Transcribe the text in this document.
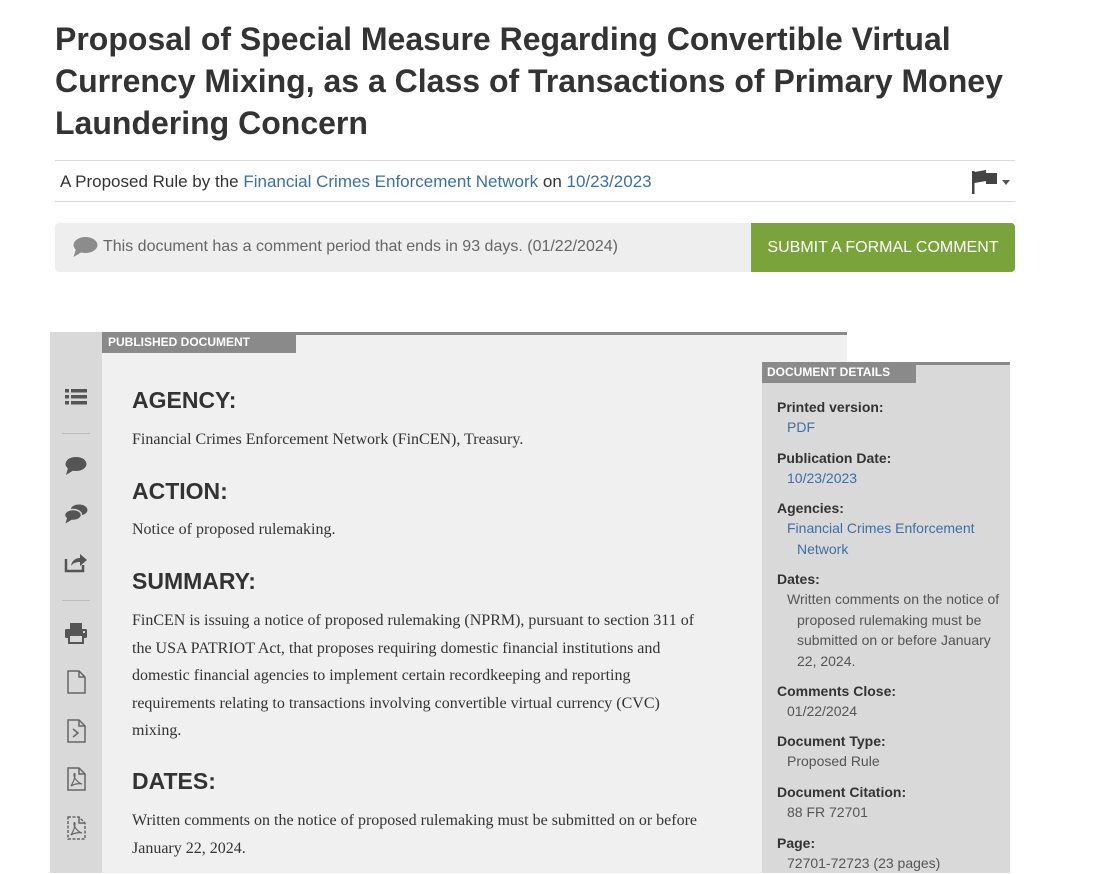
Proposal of Special Measure Regarding Convertible Virtual Currency Mixing, as a Class of Transactions of Primary Money Laundering Concern
A Proposed Rule by the Financial Crimes Enforcement Network on 10/23/2023
This document has a comment period that ends in 93 days. (01/22/2024)	SUBMIT A FORMAL COMMENT
PUBLISHED DOCUMENT
AGENCY:

Financial Crimes Enforcement Network (FinCEN), Treasury.

ACTION:

Notice of proposed rulemaking.

SUMMARY:

FinCEN is issuing a notice of proposed rulemaking (NPRM), pursuant to section 311 of the USA PATRIOT Act, that proposes requiring domestic financial institutions and domestic financial agencies to implement certain recordkeeping and reporting requirements relating to transactions involving convertible virtual currency (CVC) mixing.

DATES:

Written comments on the notice of proposed rulemaking must be submitted on or before January 22, 2024.

DOCUMENT DETAILS
Printed version:
PDF
Publication Date:
10/23/2023
Agencies:
Financial Crimes Enforcement Network
Dates:
Written comments on the notice of proposed rulemaking must be submitted on or before January 22, 2024.
Comments Close:
01/22/2024
Document Type:
Proposed Rule
Document Citation:
88 FR 72701
Page:
72701-72723 (23 pages)
